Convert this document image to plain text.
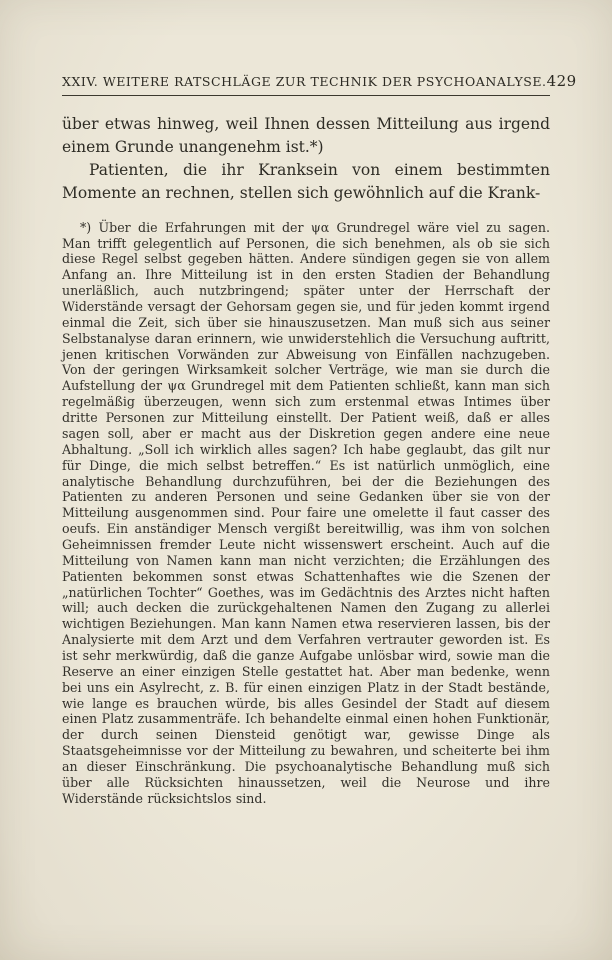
XXIV. WEITERE RATSCHLÄGE ZUR TECHNIK DER PSYCHOANALYSE. 429

über etwas hinweg, weil Ihnen dessen Mitteilung aus irgend einem Grunde unangenehm ist.*)

Patienten, die ihr Kranksein von einem bestimmten Momente an rechnen, stellen sich gewöhnlich auf die Krank-

*) Über die Erfahrungen mit der ψα Grundregel wäre viel zu sagen. Man trifft gelegentlich auf Personen, die sich benehmen, als ob sie sich diese Regel selbst gegeben hätten. Andere sündigen gegen sie von allem Anfang an. Ihre Mitteilung ist in den ersten Stadien der Behandlung unerläßlich, auch nutzbringend; später unter der Herrschaft der Widerstände versagt der Gehorsam gegen sie, und für jeden kommt irgend einmal die Zeit, sich über sie hinauszusetzen. Man muß sich aus seiner Selbstanalyse daran erinnern, wie unwiderstehlich die Versuchung auftritt, jenen kritischen Vorwänden zur Abweisung von Einfällen nachzugeben. Von der geringen Wirksamkeit solcher Verträge, wie man sie durch die Aufstellung der ψα Grundregel mit dem Patienten schließt, kann man sich regelmäßig überzeugen, wenn sich zum erstenmal etwas Intimes über dritte Personen zur Mitteilung einstellt. Der Patient weiß, daß er alles sagen soll, aber er macht aus der Diskretion gegen andere eine neue Abhaltung. „Soll ich wirklich alles sagen? Ich habe geglaubt, das gilt nur für Dinge, die mich selbst betreffen.“ Es ist natürlich unmöglich, eine analytische Behandlung durchzuführen, bei der die Beziehungen des Patienten zu anderen Personen und seine Gedanken über sie von der Mitteilung ausgenommen sind. Pour faire une omelette il faut casser des oeufs. Ein anständiger Mensch vergißt bereitwillig, was ihm von solchen Geheimnissen fremder Leute nicht wissenswert erscheint. Auch auf die Mitteilung von Namen kann man nicht verzichten; die Erzählungen des Patienten bekommen sonst etwas Schattenhaftes wie die Szenen der „natürlichen Tochter“ Goethes, was im Gedächtnis des Arztes nicht haften will; auch decken die zurückgehaltenen Namen den Zugang zu allerlei wichtigen Beziehungen. Man kann Namen etwa reservieren lassen, bis der Analysierte mit dem Arzt und dem Verfahren vertrauter geworden ist. Es ist sehr merkwürdig, daß die ganze Aufgabe unlösbar wird, sowie man die Reserve an einer einzigen Stelle gestattet hat. Aber man bedenke, wenn bei uns ein Asylrecht, z. B. für einen einzigen Platz in der Stadt bestände, wie lange es brauchen würde, bis alles Gesindel der Stadt auf diesem einen Platz zusammenträfe. Ich behandelte einmal einen hohen Funktionär, der durch seinen Diensteid genötigt war, gewisse Dinge als Staatsgeheimnisse vor der Mitteilung zu bewahren, und scheiterte bei ihm an dieser Einschränkung. Die psychoanalytische Behandlung muß sich über alle Rücksichten hinaussetzen, weil die Neurose und ihre Widerstände rücksichtslos sind.
